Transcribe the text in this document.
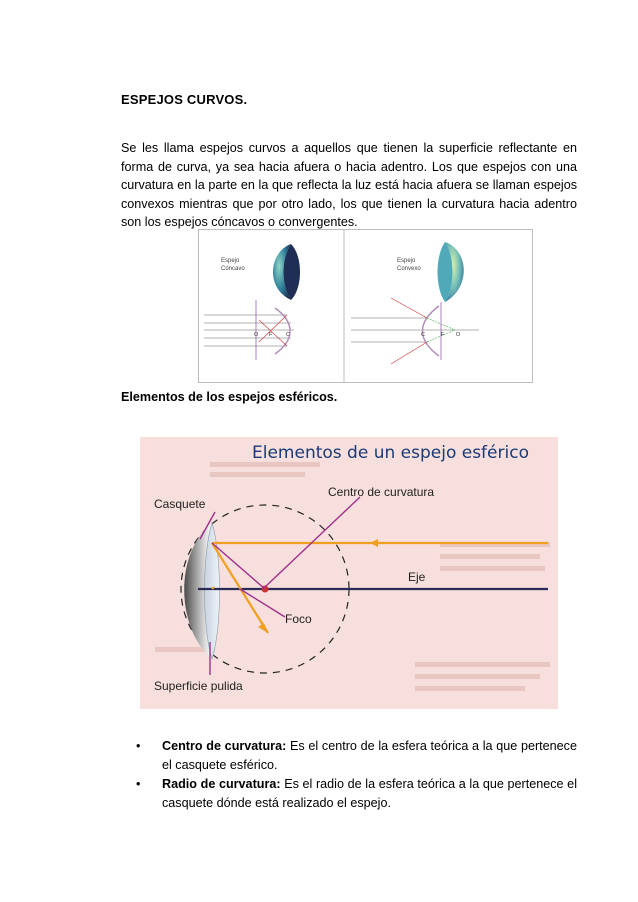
ESPEJOS CURVOS.
Se les llama espejos curvos a aquellos que tienen la superficie reflectante en forma de curva, ya sea hacia afuera o hacia adentro. Los que espejos con una curvatura en la parte en la que reflecta la luz está hacia afuera se llaman espejos convexos mientras que por otro lado, los que tienen la curvatura hacia adentro son los espejos cóncavos o convergentes.
Espejo
Cóncavo
O F C
Espejo
Convexo
C	F O
Elementos de los espejos esféricos.
Elementos de un espejo esférico
Casquete
Centro de curvatura
Eje
Foco
Superficie pulida
• Centro de curvatura: Es el centro de la esfera teórica a la que pertenece el casquete esférico.
• Radio de curvatura: Es el radio de la esfera teórica a la que pertenece el casquete dónde está realizado el espejo.
